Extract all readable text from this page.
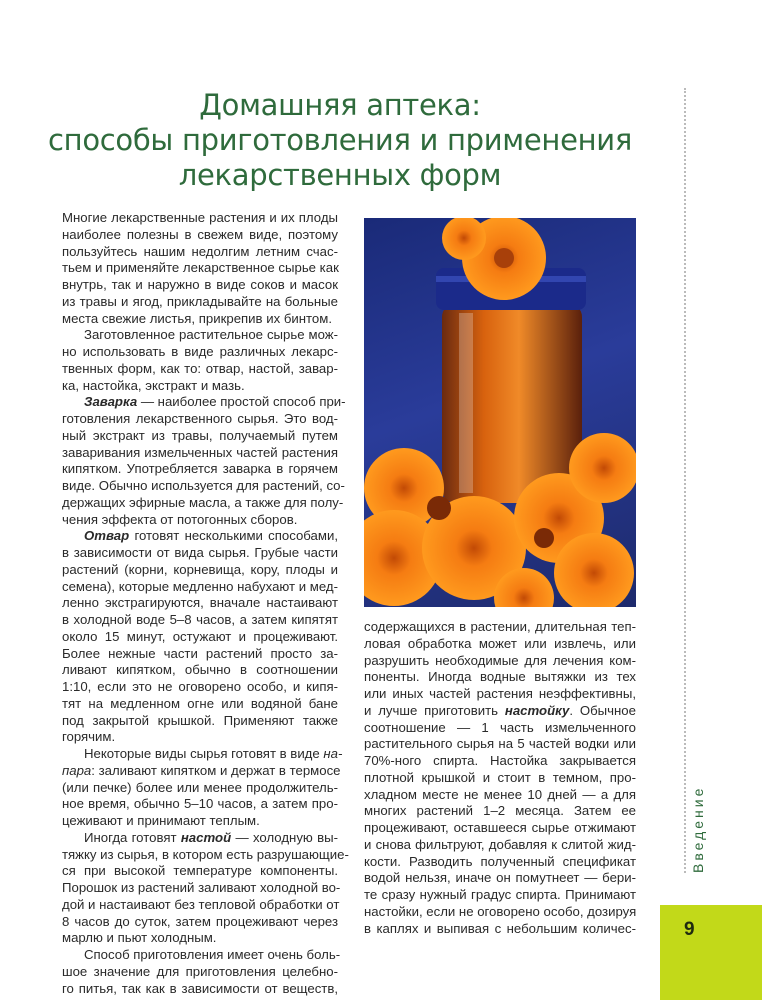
Домашняя аптека:
способы приготовления и применения
лекарственных форм
Многие лекарственные растения и их плоды
наиболее полезны в свежем виде, поэтому
пользуйтесь нашим недолгим летним счас-
тьем и применяйте лекарственное сырье как
внутрь, так и наружно в виде соков и масок
из травы и ягод, прикладывайте на больные
места свежие листья, прикрепив их бинтом.
Заготовленное растительное сырье мож-
но использовать в виде различных лекарс-
твенных форм, как то: отвар, настой, завар-
ка, настойка, экстракт и мазь.
Заварка — наиболее простой способ при-
готовления лекарственного сырья. Это вод-
ный экстракт из травы, получаемый путем
заваривания измельченных частей растения
кипятком. Употребляется заварка в горячем
виде. Обычно используется для растений, со-
держащих эфирные масла, а также для полу-
чения эффекта от потогонных сборов.
Отвар готовят несколькими способами,
в зависимости от вида сырья. Грубые части
растений (корни, корневища, кору, плоды и
семена), которые медленно набухают и мед-
ленно экстрагируются, вначале настаивают
в холодной воде 5–8 часов, а затем кипятят
около 15 минут, остужают и процеживают.
Более нежные части растений просто за-
ливают кипятком, обычно в соотношении
1:10, если это не оговорено особо, и кипя-
тят на медленном огне или водяной бане
под закрытой крышкой. Применяют также
горячим.
Некоторые виды сырья готовят в виде на-
пара: заливают кипятком и держат в термосе
(или печке) более или менее продолжитель-
ное время, обычно 5–10 часов, а затем про-
цеживают и принимают теплым.
Иногда готовят настой — холодную вы-
тяжку из сырья, в котором есть разрушающие-
ся при высокой температуре компоненты.
Порошок из растений заливают холодной во-
дой и настаивают без тепловой обработки от
8 часов до суток, затем процеживают через
марлю и пьют холодным.
Способ приготовления имеет очень боль-
шое значение для приготовления целебно-
го питья, так как в зависимости от веществ,
содержащихся в растении, длительная теп-
ловая обработка может или извлечь, или
разрушить необходимые для лечения ком-
поненты. Иногда водные вытяжки из тех
или иных частей растения неэффективны,
и лучше приготовить настойку. Обычное
соотношение — 1 часть измельченного
растительного сырья на 5 частей водки или
70%-ного спирта. Настойка закрывается
плотной крышкой и стоит в темном, про-
хладном месте не менее 10 дней — а для
многих растений 1–2 месяца. Затем ее
процеживают, оставшееся сырье отжимают
и снова фильтруют, добавляя к слитой жид-
кости. Разводить полученный спецификат
водой нельзя, иначе он помутнеет — бери-
те сразу нужный градус спирта. Принимают
настойки, если не оговорено особо, дозируя
в каплях и выпивая с небольшим количес-
Введение
9
